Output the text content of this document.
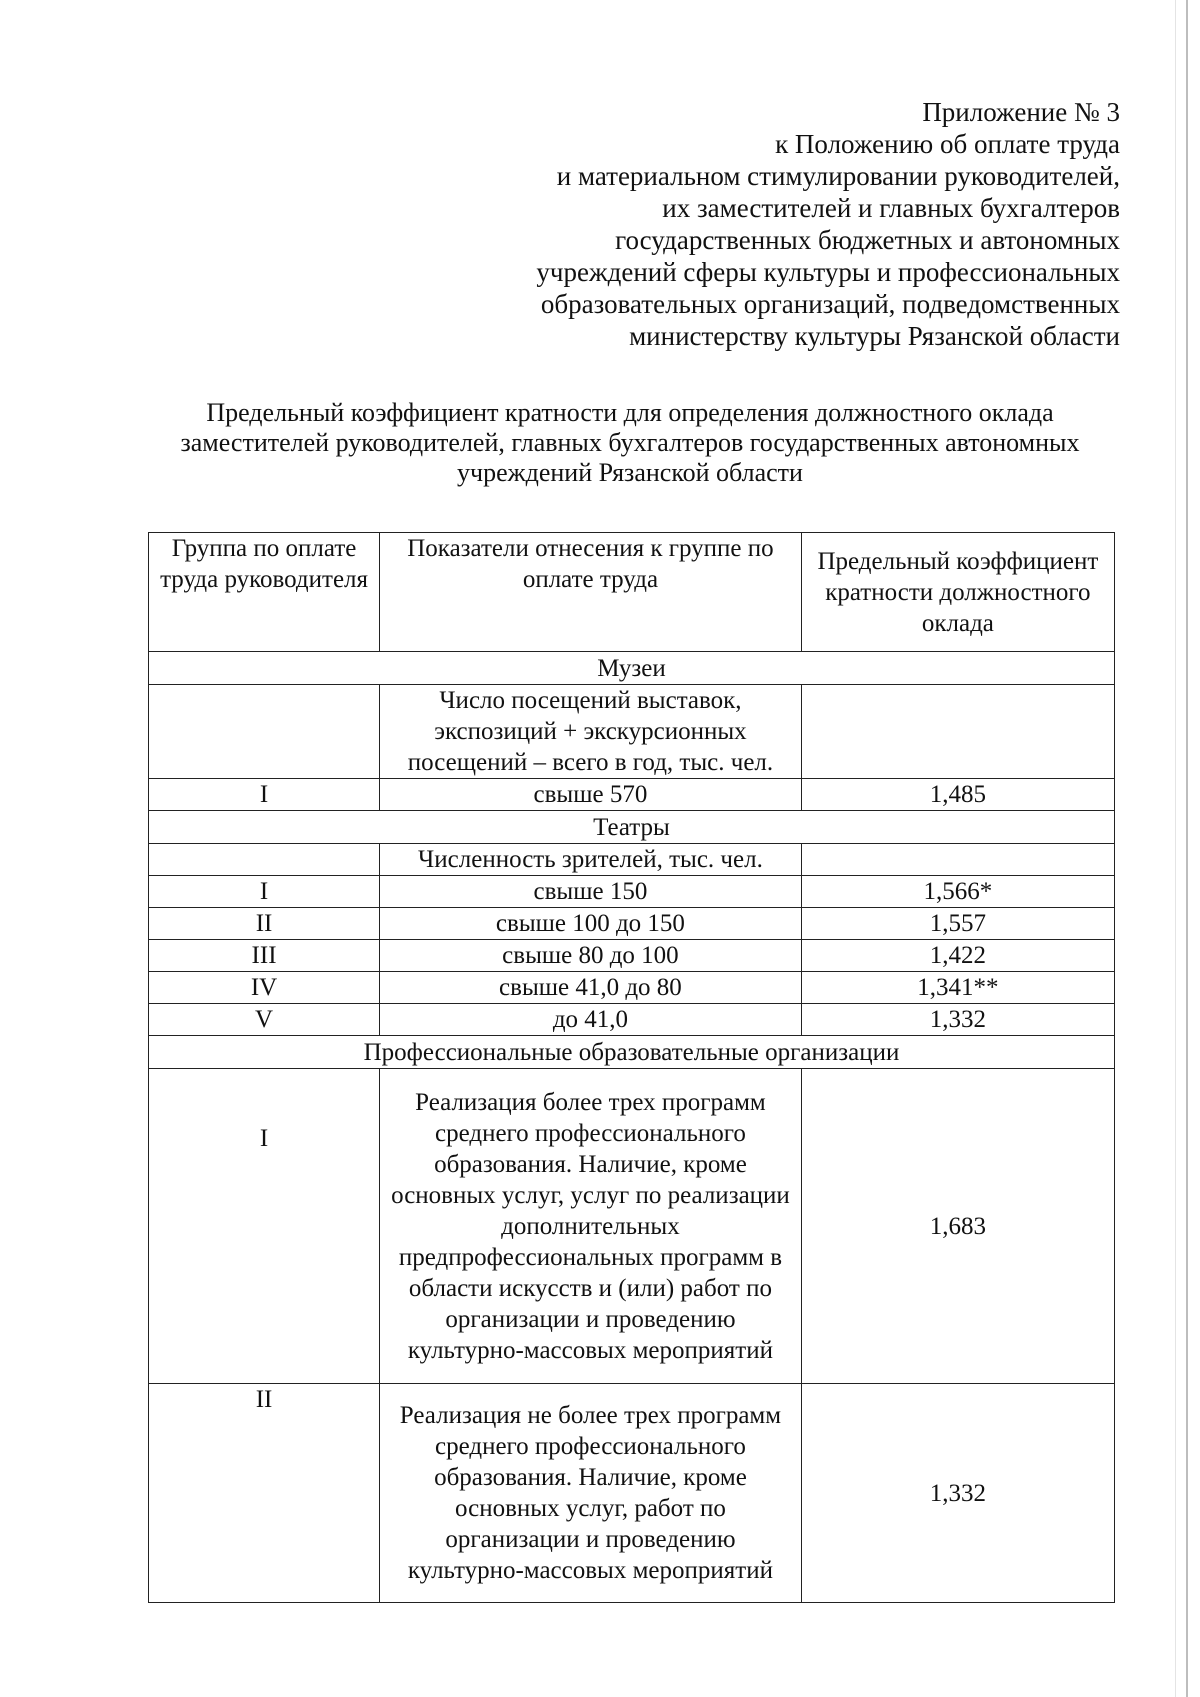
Приложение № 3
к Положению об оплате труда
и материальном стимулировании руководителей,
их заместителей и главных бухгалтеров
государственных бюджетных и автономных
учреждений сферы культуры и профессиональных
образовательных организаций, подведомственных
министерству культуры Рязанской области
Предельный коэффициент кратности для определения должностного оклада
заместителей руководителей, главных бухгалтеров государственных автономных
учреждений Рязанской области
Группа по оплате труда руководителя	Показатели отнесения к группе по оплате труда	Предельный коэффициент кратности должностного оклада
Музеи		
	Число посещений выставок, экспозиций + экскурсионных посещений – всего в год, тыс. чел.	
I	свыше 570	1,485
Театры		
	Численность зрителей, тыс. чел.	
I	свыше 150	1,566*
II	свыше 100 до 150	1,557
III	свыше 80 до 100	1,422
IV	свыше 41,0 до 80	1,341**
V	до 41,0	1,332
Профессиональные образовательные организации		
I	Реализация более трех программ среднего профессионального образования. Наличие, кроме основных услуг, услуг по реализации дополнительных предпрофессиональных программ в области искусств и (или) работ по организации и проведению культурно-массовых мероприятий	1,683
II	Реализация не более трех программ среднего профессионального образования. Наличие, кроме основных услуг, работ по организации и проведению культурно-массовых мероприятий	1,332
